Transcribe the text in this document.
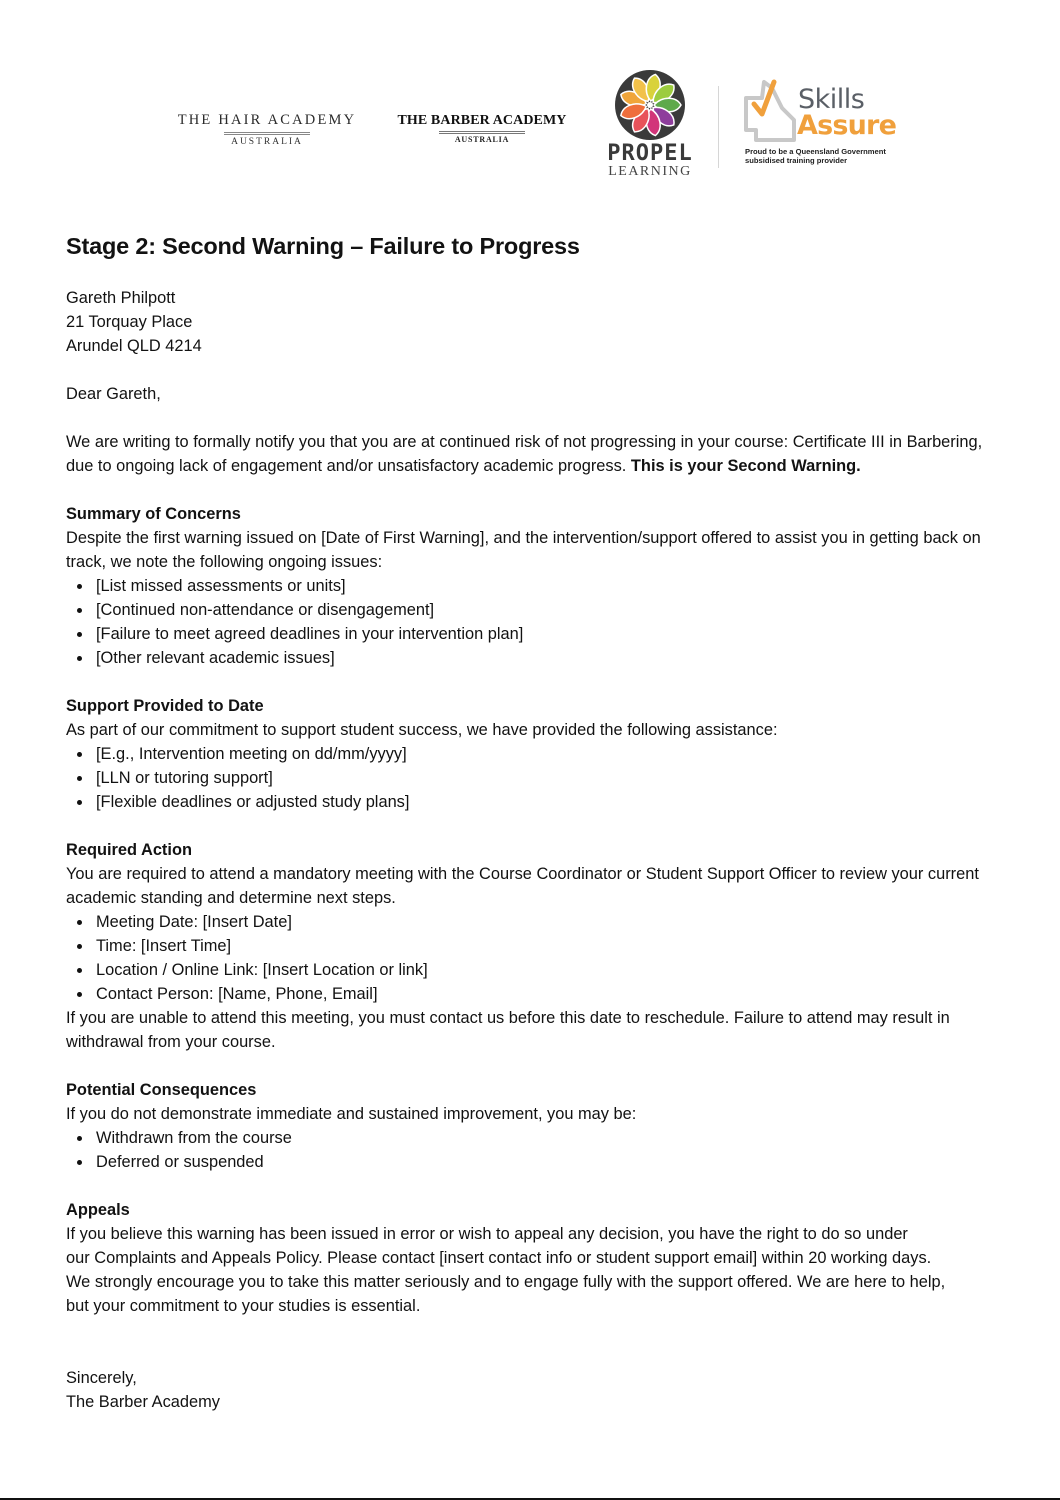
THE HAIR ACADEMY
AUSTRALIA
THE BARBER ACADEMY
AUSTRALIA
PROPEL
LEARNING
Skills
Assure
Proud to be a Queensland Government
subsidised training provider
Stage 2: Second Warning – Failure to Progress

Gareth Philpott

21 Torquay Place

Arundel QLD 4214

Dear Gareth,

We are writing to formally notify you that you are at continued risk of not progressing in your course: Certificate III in Barbering, due to ongoing lack of engagement and/or unsatisfactory academic progress. This is your Second Warning.

Summary of Concerns

Despite the first warning issued on [Date of First Warning], and the intervention/support offered to assist you in getting back on track, we note the following ongoing issues:

[List missed assessments or units]
[Continued non-attendance or disengagement]
[Failure to meet agreed deadlines in your intervention plan]
[Other relevant academic issues]

Support Provided to Date

As part of our commitment to support student success, we have provided the following assistance:

[E.g., Intervention meeting on dd/mm/yyyy]
[LLN or tutoring support]
[Flexible deadlines or adjusted study plans]

Required Action

You are required to attend a mandatory meeting with the Course Coordinator or Student Support Officer to review your current academic standing and determine next steps.

Meeting Date: [Insert Date]
Time: [Insert Time]
Location / Online Link: [Insert Location or link]
Contact Person: [Name, Phone, Email]

If you are unable to attend this meeting, you must contact us before this date to reschedule. Failure to attend may result in withdrawal from your course.

Potential Consequences

If you do not demonstrate immediate and sustained improvement, you may be:

Withdrawn from the course
Deferred or suspended

Appeals

If you believe this warning has been issued in error or wish to appeal any decision, you have the right to do so under

our Complaints and Appeals Policy. Please contact [insert contact info or student support email] within 20 working days.

We strongly encourage you to take this matter seriously and to engage fully with the support offered. We are here to help, but your commitment to your studies is essential.

Sincerely,

The Barber Academy
